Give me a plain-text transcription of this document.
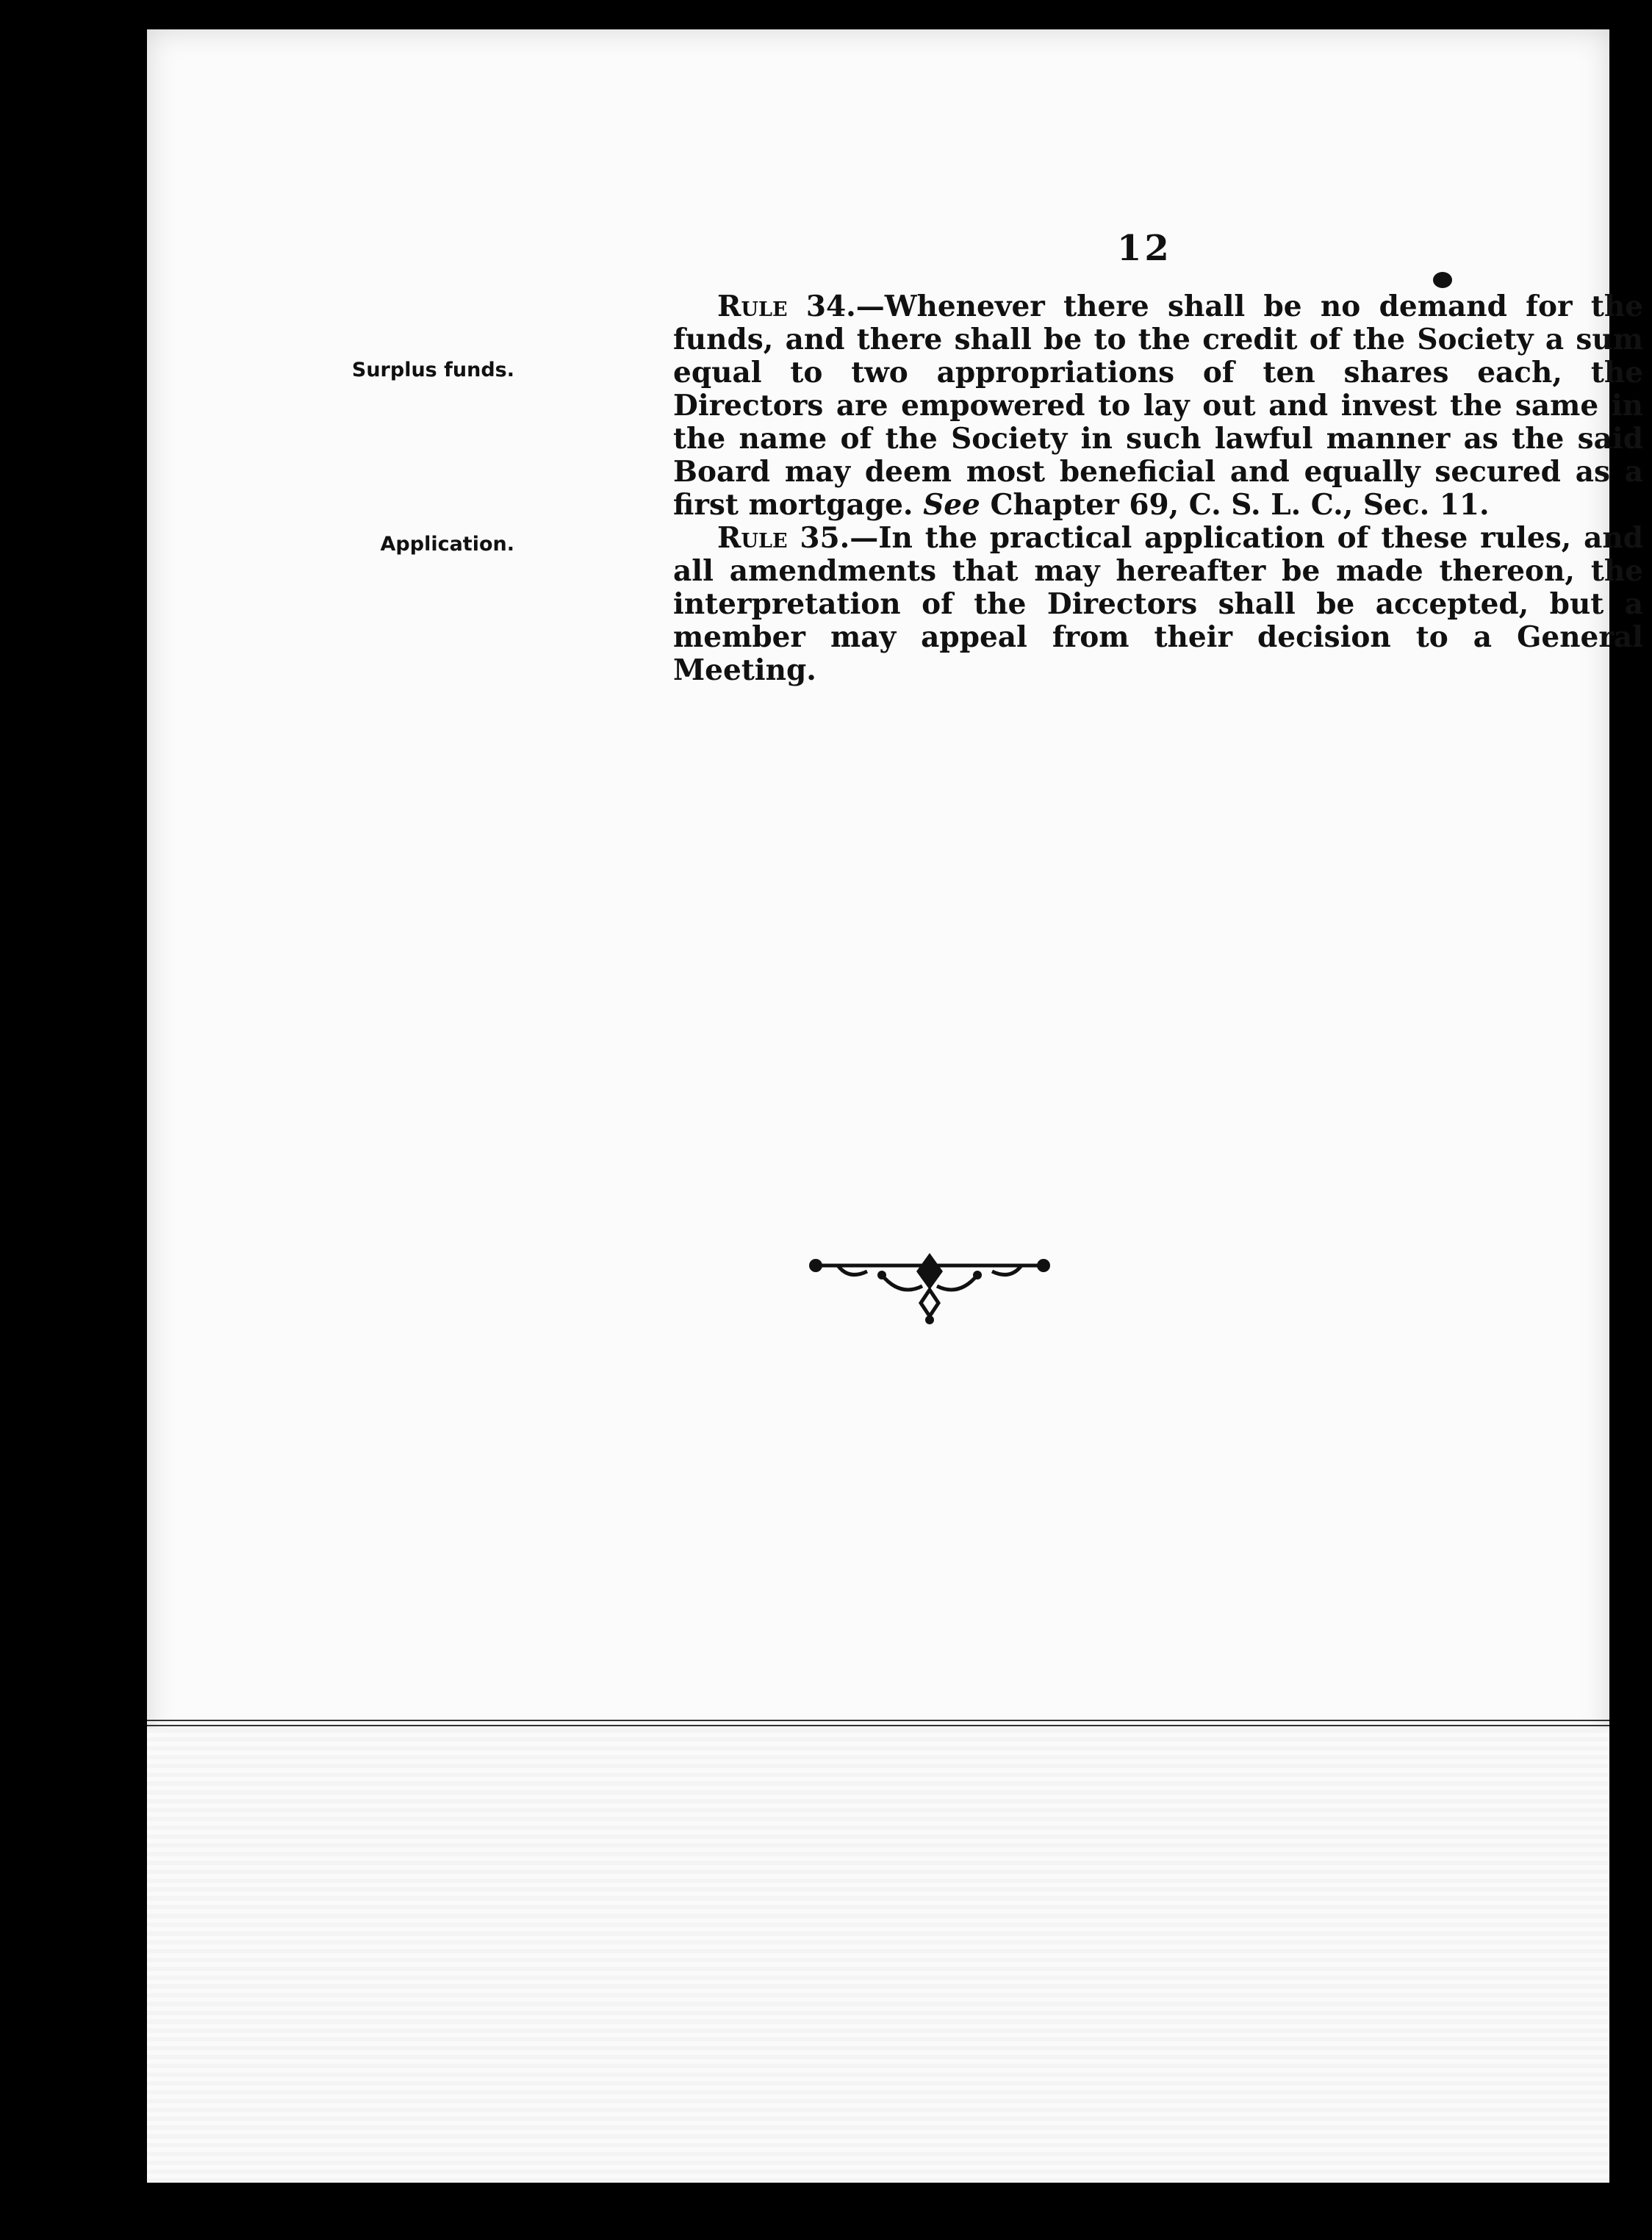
12
Surplus funds.

Rule 34.—Whenever there shall be no demand for the funds, and there shall be to the credit of the Society a sum equal to two appropriations of ten shares each, the Directors are empowered to lay out and invest the same in the name of the Society in such lawful manner as the said Board may deem most beneficial and equally secured as a first mortgage. See Chapter 69, C. S. L. C., Sec. 11.

Application.	Rule 35.—In the practical application of these rules, and all amendments that may hereafter be made thereon, the interpretation of the Directors shall be accepted, but a member may appeal from their decision to a General Meeting.
